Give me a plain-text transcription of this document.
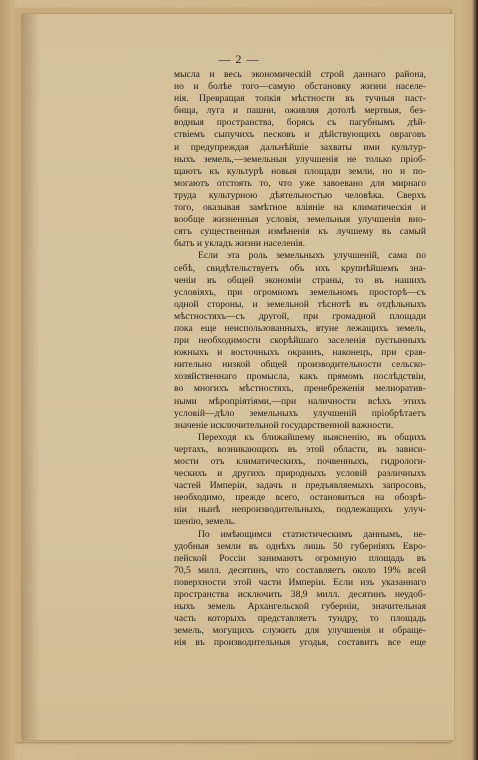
— 2 —
мысла и весь экономическій строй даннаго района,
но и болѣе того—самую обстановку жизни населе-
нія. Превращая топкія мѣстности въ тучныя паст-
бища, луга и пашни, оживляя дотолѣ мертвыя, без-
водныя пространства, борясь съ пагубнымъ дѣй-
ствіемъ сыпучихъ песковъ и дѣйствующихъ овраговъ
и предупреждая дальнѣйшіе захваты ими культур-
ныхъ земель,—земельныя улучшенія не только пріоб-
щаютъ къ культурѣ новыя площади земли, но и по-
могаютъ отстоять то, что уже завоевано для мирнаго
труда культурною дѣятельностью человѣка. Сверхъ
того, оказывая замѣтное вліяніе на климатическія и
вообще жизненныя условія, земельныя улучшенія вно-
сятъ существенныя измѣненія къ лучшему въ самый
бытъ и укладъ жизни населенія.
Если эта роль земельныхъ улучшеній, сама по
себѣ, свидѣтельствуетъ объ ихъ крупнѣйшемъ зна-
ченіи въ общей экономіи страны, то въ нашихъ
условіяхъ, при огромномъ земельномъ просторѣ—съ
одной стороны, и земельной тѣснотѣ въ отдѣльныхъ
мѣстностяхъ—съ другой, при громадной площади
пока еще неиспользованныхъ, втуне лежащихъ земель,
при необходимости скорѣйшаго заселенія пустынныхъ
южныхъ и восточныхъ окраинъ, наконецъ, при срав-
нительно низкой общей производительности сельско-
хозяйственнаго промысла, какъ прямомъ послѣдствіи,
во многихъ мѣстностяхъ, пренебреженія мелиоратив-
ными мѣропріятіями,—при наличности всѣхъ этихъ
условій—дѣло земельныхъ улучшеній пріобрѣтаетъ
значеніе исключительной государственной важности.
Переходя къ ближайшему выясненію, въ общихъ
чертахъ, возникающихъ въ этой области, въ зависи-
мости отъ климатическихъ, почвенныхъ, гидрологи-
ческихъ и другихъ природныхъ условій различныхъ
частей Имперіи, задачъ и предъявляемыхъ запросовъ,
необходимо, прежде всего, остановиться на обозрѣ-
ніи нынѣ непроизводительныхъ, подлежащихъ улуч-
шенію, земель.
По имѣющимся статистическимъ даннымъ, не-
удобныя земли въ однѣхъ лишь 50 губерніяхъ Евро-
пейской Россіи занимаютъ огромную площадь въ
70,5 милл. десятинъ, что составляетъ около 19% всей
поверхности этой части Имперіи. Если изъ указаннаго
пространства исключить 38,9 милл. десятинъ неудоб-
ныхъ земель Архангельской губерніи, значительная
часть которыхъ представляетъ тундру, то площадь
земель, могущихъ служить для улучшенія и обраще-
нія въ производительныя угодья, составитъ все еще
